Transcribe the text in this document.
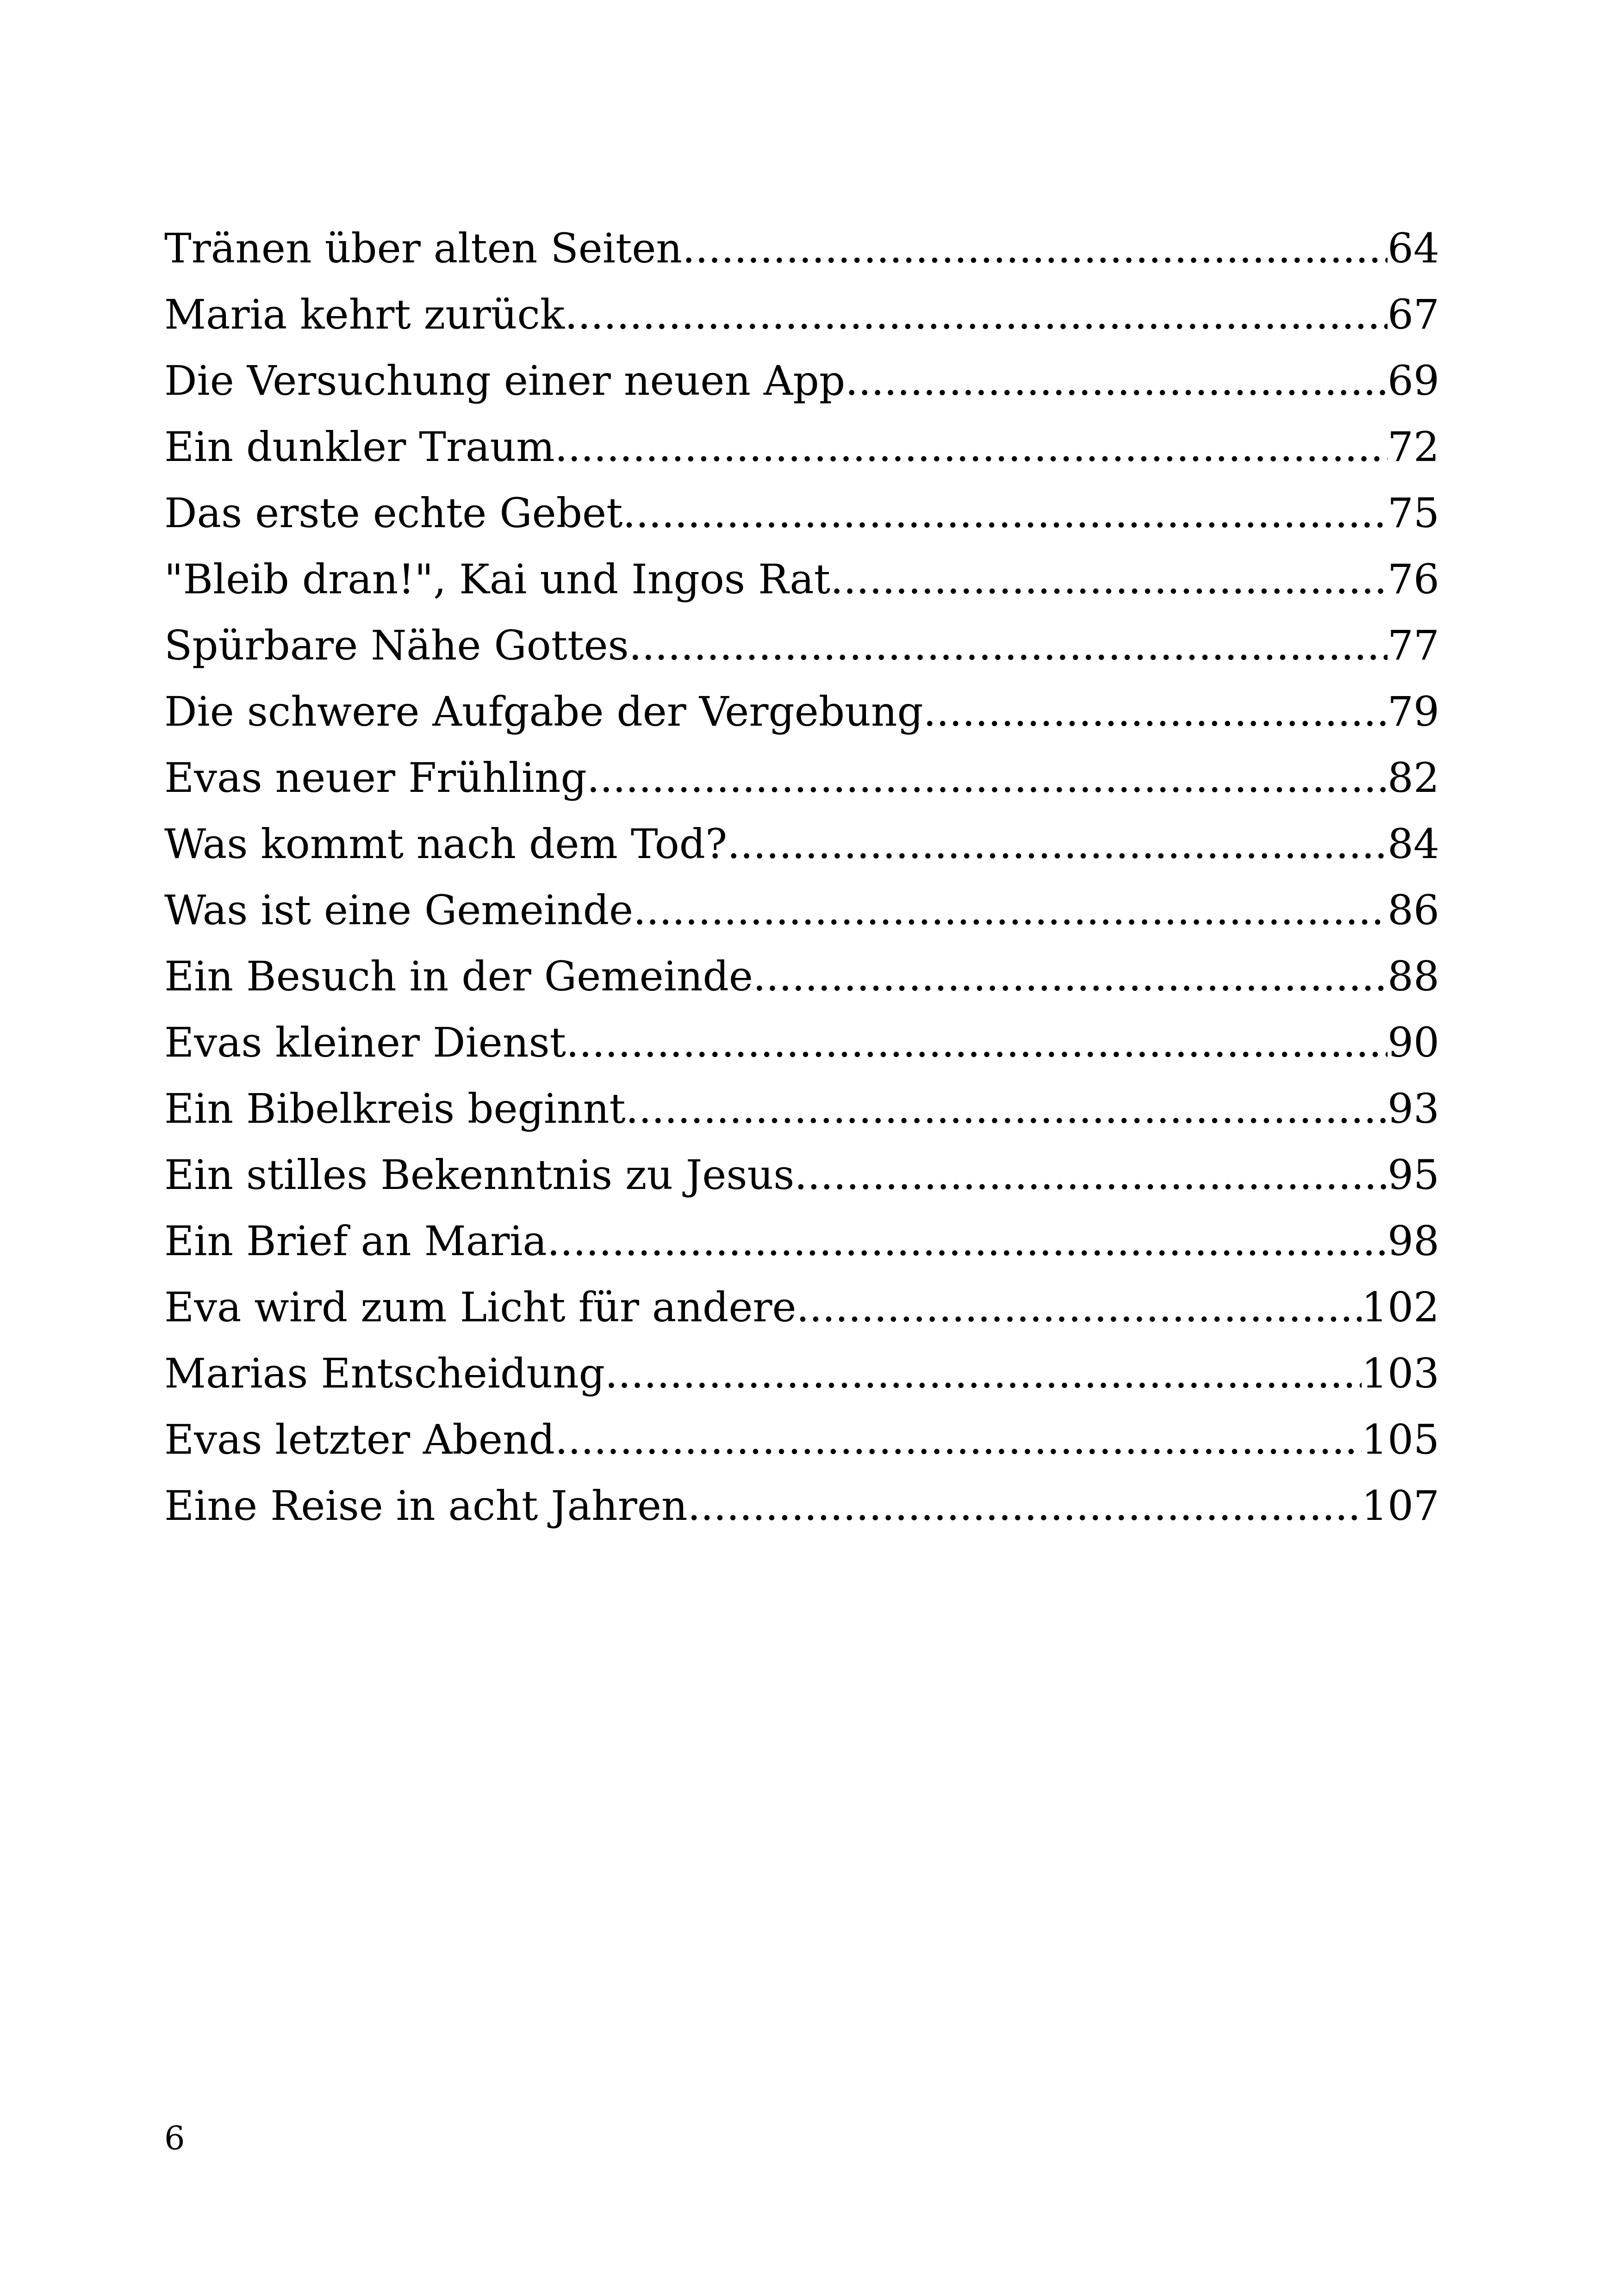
Tränen über alten Seiten .....	64
Maria kehrt zurück .....	67
Die Versuchung einer neuen App .....	69
Ein dunkler Traum .....	72
Das erste echte Gebet .....	75
"Bleib dran!", Kai und Ingos Rat .....	76
Spürbare Nähe Gottes .....	77
Die schwere Aufgabe der Vergebung .....	79
Evas neuer Frühling .....	82
Was kommt nach dem Tod? .....	84
Was ist eine Gemeinde .....	86
Ein Besuch in der Gemeinde .....	88
Evas kleiner Dienst .....	90
Ein Bibelkreis beginnt .....	93
Ein stilles Bekenntnis zu Jesus .....	95
Ein Brief an Maria .....	98
Eva wird zum Licht für andere .....	102
Marias Entscheidung .....	103
Evas letzter Abend .....	105
Eine Reise in acht Jahren .....	107
6
